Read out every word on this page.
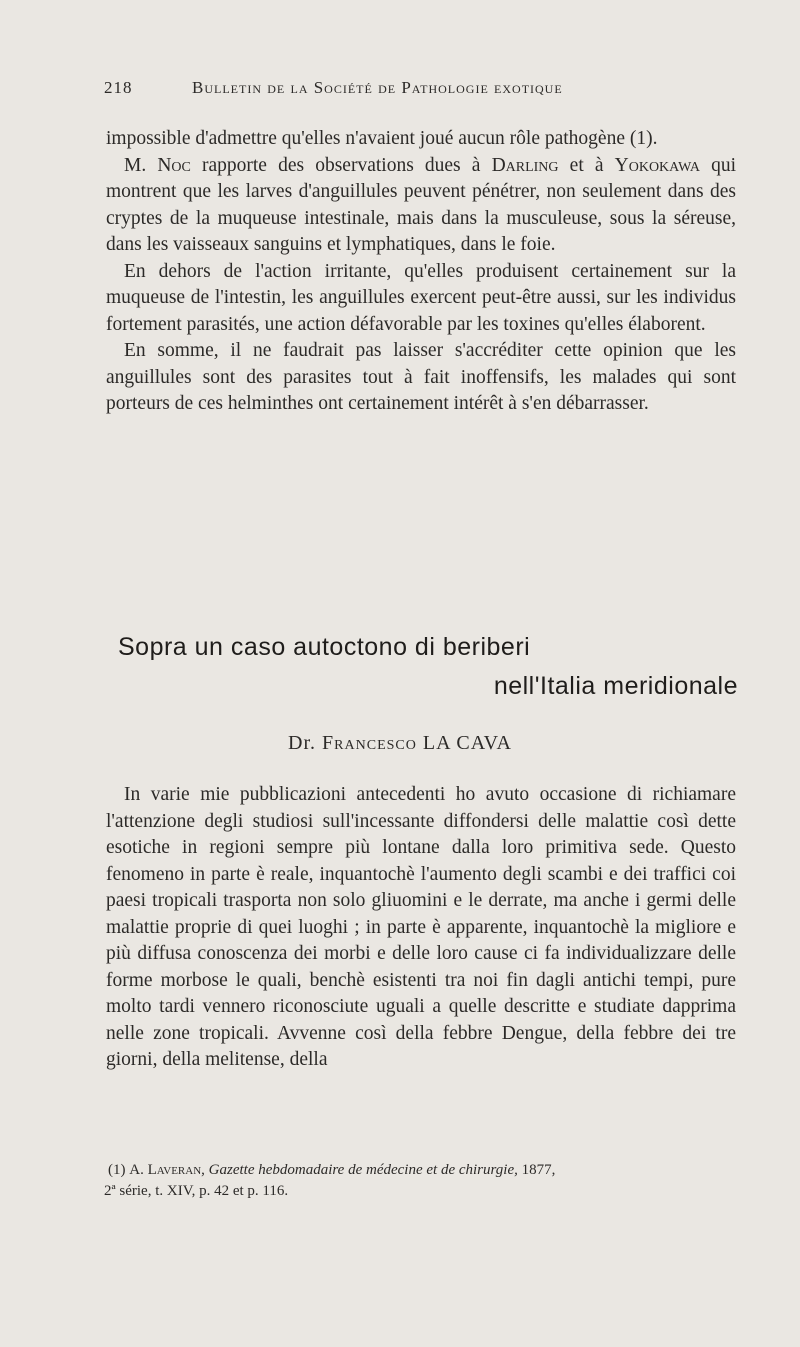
218	Bulletin de la Société de Pathologie exotique

impossible d'admettre qu'elles n'avaient joué aucun rôle pathogène (1).

M. Noc rapporte des observations dues à Darling et à Yokokawa qui montrent que les larves d'anguillules peuvent pénétrer, non seulement dans des cryptes de la muqueuse intestinale, mais dans la musculeuse, sous la séreuse, dans les vaisseaux sanguins et lymphatiques, dans le foie.

En dehors de l'action irritante, qu'elles produisent certainement sur la muqueuse de l'intestin, les anguillules exercent peut-être aussi, sur les individus fortement parasités, une action défavorable par les toxines qu'elles élaborent.

En somme, il ne faudrait pas laisser s'accréditer cette opinion que les anguillules sont des parasites tout à fait inoffensifs, les malades qui sont porteurs de ces helminthes ont certainement intérêt à s'en débarrasser.

Sopra un caso autoctono di beriberi
nell'Italia meridionale
Dr. Francesco LA CAVA

In varie mie pubblicazioni antecedenti ho avuto occasione di richiamare l'attenzione degli studiosi sull'incessante diffondersi delle malattie così dette esotiche in regioni sempre più lontane dalla loro primitiva sede. Questo fenomeno in parte è reale, inquantochè l'aumento degli scambi e dei traffici coi paesi tropicali trasporta non solo gliuomini e le derrate, ma anche i germi delle malattie proprie di quei luoghi ; in parte è apparente, inquantochè la migliore e più diffusa conoscenza dei morbi e delle loro cause ci fa individualizzare delle forme morbose le quali, benchè esistenti tra noi fin dagli antichi tempi, pure molto tardi vennero riconosciute uguali a quelle descritte e studiate dapprima nelle zone tropicali. Avvenne così della febbre Dengue, della febbre dei tre giorni, della melitense, della

(1) A. Laveran, Gazette hebdomadaire de médecine et de chirurgie, 1877,
2ª série, t. XIV, p. 42 et p. 116.
